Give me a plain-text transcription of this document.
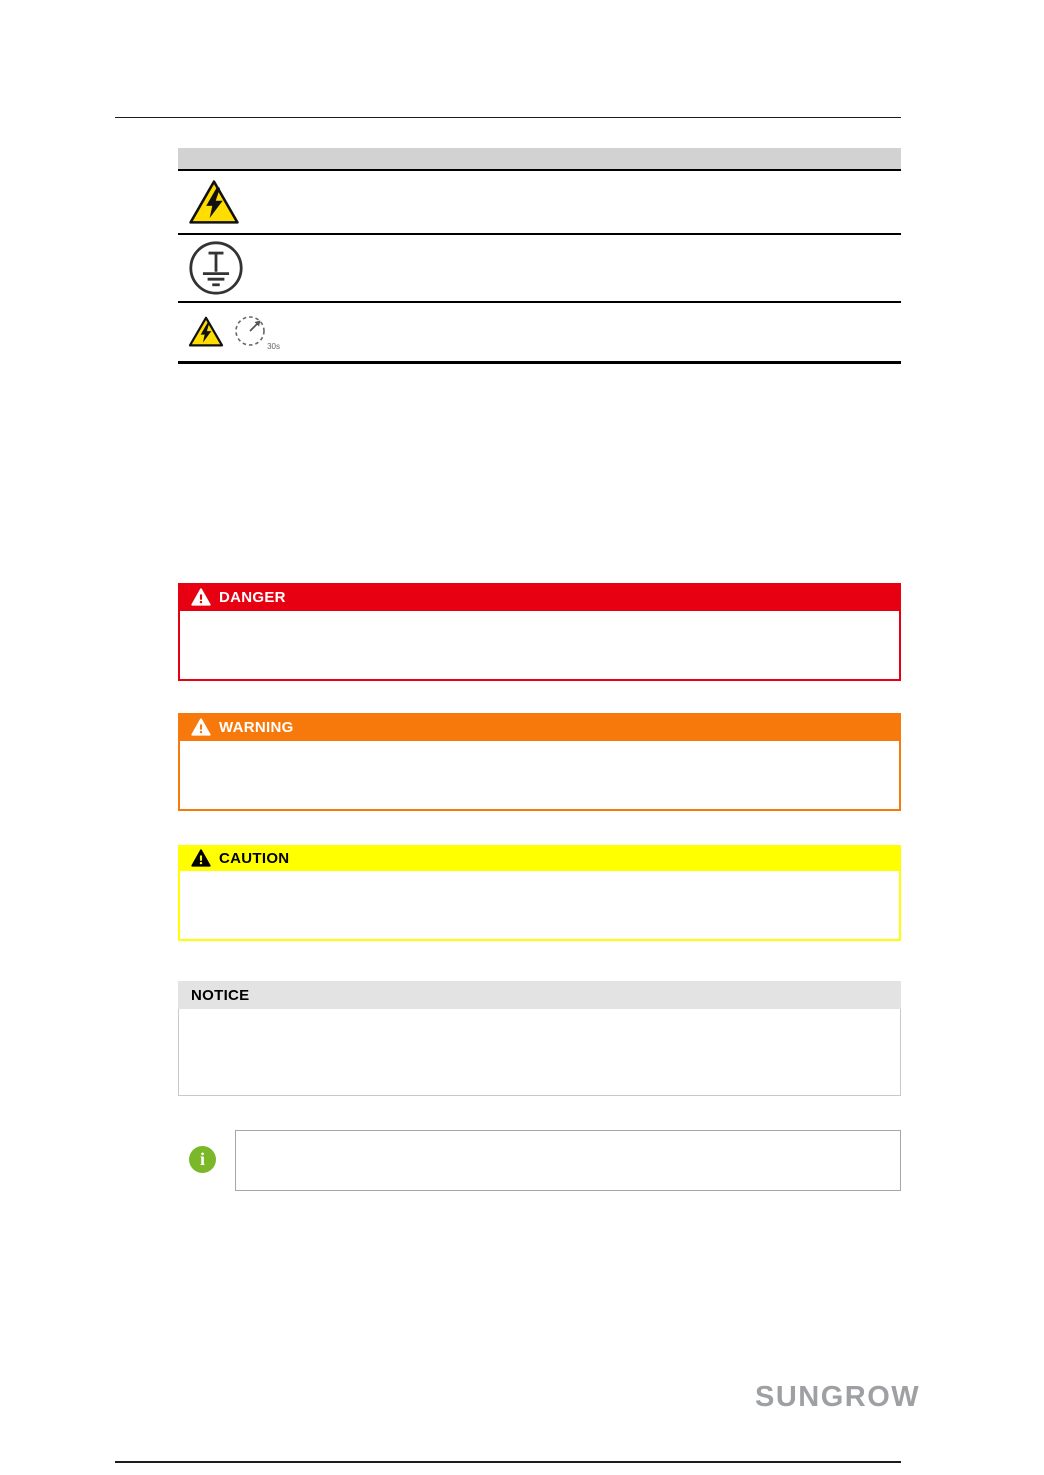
30s
DANGER
WARNING
CAUTION
NOTICE
i
SUNGROW
